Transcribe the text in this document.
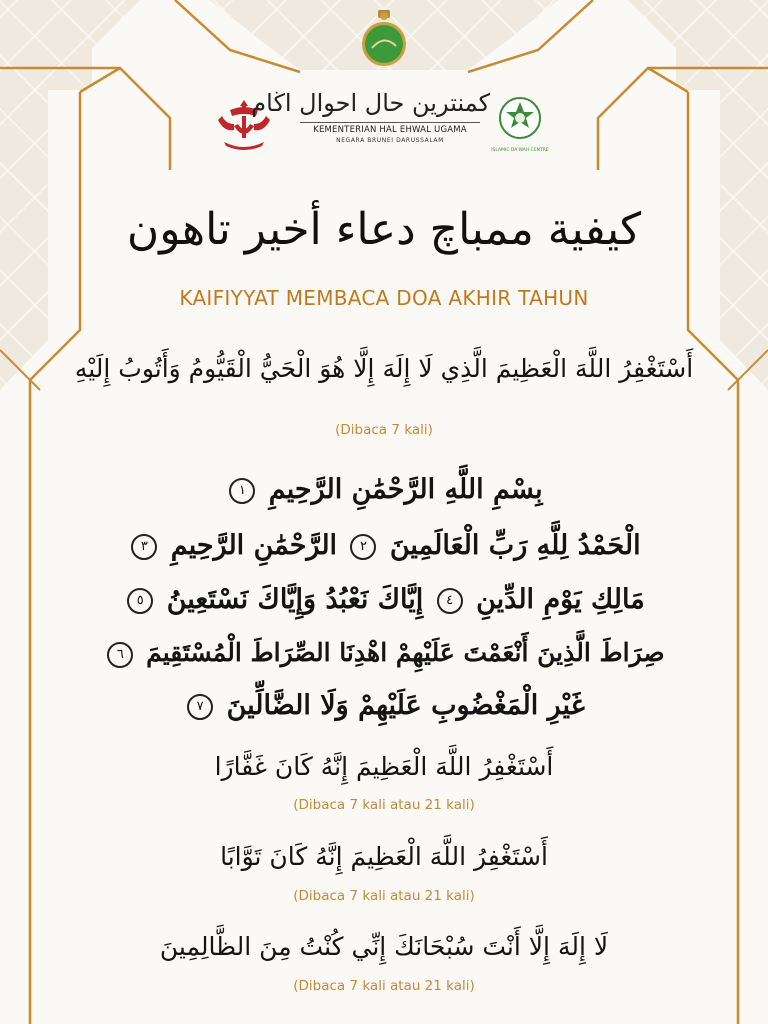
كمنترين حال احوال اڬام
KEMENTERIAN HAL EHWAL UGAMA
NEGARA BRUNEI DARUSSALAM
ISLAMIC DA'WAH CENTRE
كيفية ممباچ دعاء أخير تاهون
KAIFIYYAT MEMBACA DOA AKHIR TAHUN
أَسْتَغْفِرُ اللَّهَ الْعَظِيمَ الَّذِي لَا إِلَهَ إِلَّا هُوَ الْحَيُّ الْقَيُّومُ وَأَتُوبُ إِلَيْهِ
(Dibaca 7 kali)
بِسْمِ اللَّهِ الرَّحْمَٰنِ الرَّحِيمِ ١
الْحَمْدُ لِلَّهِ رَبِّ الْعَالَمِينَ ٢ الرَّحْمَٰنِ الرَّحِيمِ ٣
مَالِكِ يَوْمِ الدِّينِ ٤ إِيَّاكَ نَعْبُدُ وَإِيَّاكَ نَسْتَعِينُ ٥
صِرَاطَ الَّذِينَ أَنْعَمْتَ عَلَيْهِمْ اهْدِنَا الصِّرَاطَ الْمُسْتَقِيمَ ٦
غَيْرِ الْمَغْضُوبِ عَلَيْهِمْ وَلَا الضَّالِّينَ ٧
أَسْتَغْفِرُ اللَّهَ الْعَظِيمَ إِنَّهُ كَانَ غَفَّارًا
(Dibaca 7 kali atau 21 kali)
أَسْتَغْفِرُ اللَّهَ الْعَظِيمَ إِنَّهُ كَانَ تَوَّابًا
(Dibaca 7 kali atau 21 kali)
لَا إِلَهَ إِلَّا أَنْتَ سُبْحَانَكَ إِنِّي كُنْتُ مِنَ الظَّالِمِينَ
(Dibaca 7 kali atau 21 kali)
